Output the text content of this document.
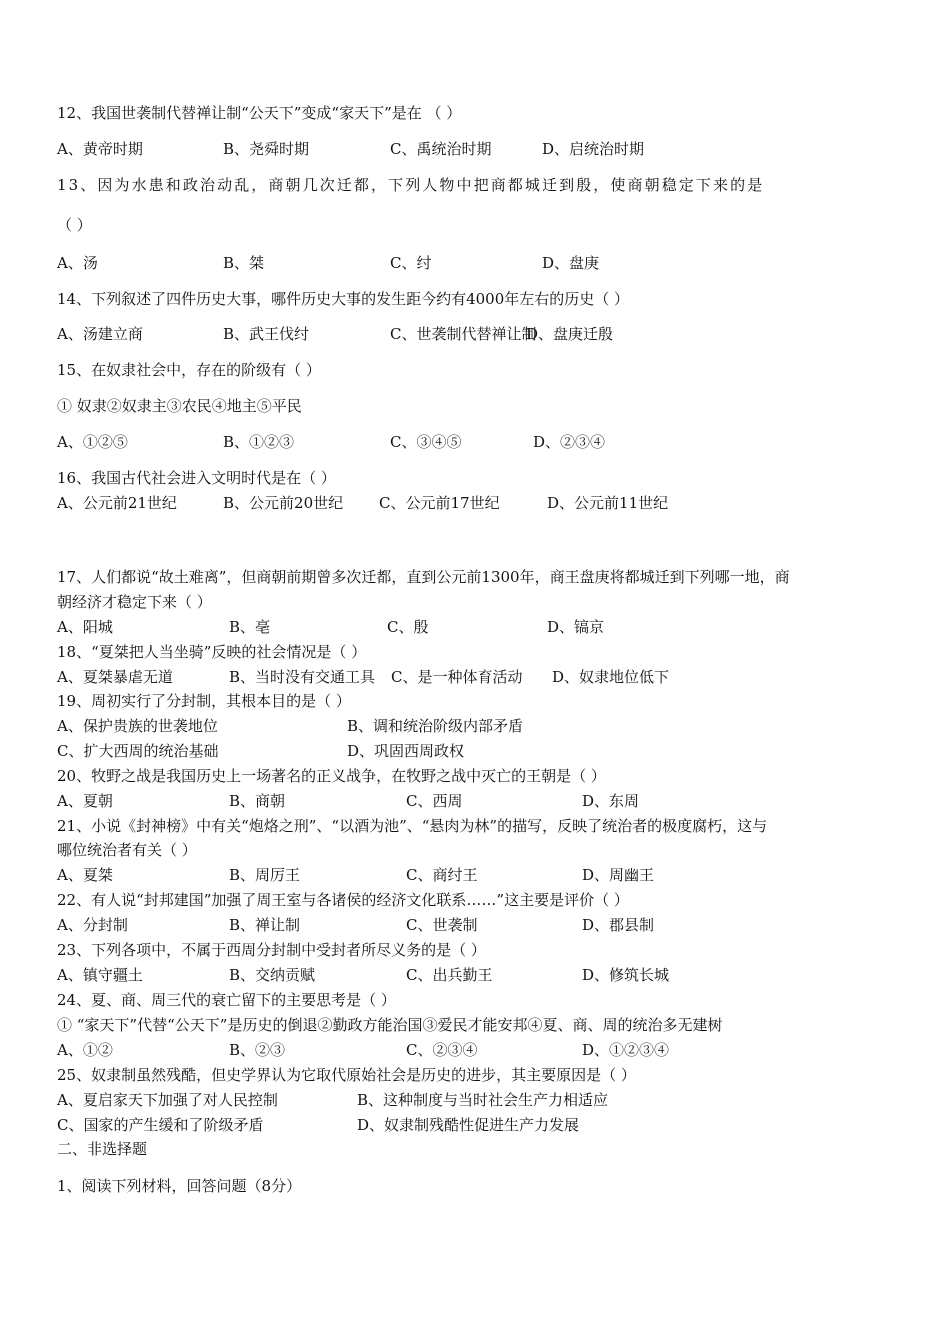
12、我国世袭制代替禅让制“公天下”变成“家天下”是在 （ ）

A、黄帝时期	B、尧舜时期	C、禹统治时期	D、启统治时期

13、因为水患和政治动乱，商朝几次迁都，下列人物中把商都城迁到殷，使商朝稳定下来的是

（ ）

A、汤	B、桀	C、纣	D、盘庚

14、下列叙述了四件历史大事，哪件历史大事的发生距今约有4000年左右的历史（ ）

A、汤建立商	B、武王伐纣	C、世袭制代替禅让制
D、盘庚迁殷

15、在奴隶社会中，存在的阶级有（ ）

① 奴隶②奴隶主③农民④地主⑤平民

A、①②⑤	B、①②③	C、③④⑤	D、②③④

16、我国古代社会进入文明时代是在（ ）

A、公元前21世纪	B、公元前20世纪	C、公元前17世纪	D、公元前11世纪

17、人们都说“故土难离”，但商朝前期曾多次迁都，直到公元前1300年，商王盘庚将都城迁到下列哪一地，商

朝经济才稳定下来（ ）

A、阳城	B、亳	C、殷	D、镐京

18、“夏桀把人当坐骑”反映的社会情况是（ ）

A、夏桀暴虐无道	B、当时没有交通工具	C、是一种体育活动	D、奴隶地位低下

19、周初实行了分封制，其根本目的是（ ）

A、保护贵族的世袭地位	B、调和统治阶级内部矛盾
C、扩大西周的统治基础	D、巩固西周政权

20、牧野之战是我国历史上一场著名的正义战争，在牧野之战中灭亡的王朝是（ ）

A、夏朝	B、商朝	C、西周	D、东周

21、小说《封神榜》中有关“炮烙之刑”、“以酒为池”、“悬肉为林”的描写，反映了统治者的极度腐朽，这与

哪位统治者有关（ ）

A、夏桀	B、周厉王	C、商纣王	D、周幽王

22、有人说“封邦建国”加强了周王室与各诸侯的经济文化联系……”这主要是评价（ ）

A、分封制	B、禅让制	C、世袭制	D、郡县制

23、下列各项中，不属于西周分封制中受封者所尽义务的是（ ）

A、镇守疆土	B、交纳贡赋	C、出兵勤王	D、修筑长城

24、夏、商、周三代的衰亡留下的主要思考是（ ）

① “家天下”代替“公天下”是历史的倒退②勤政方能治国③爱民才能安邦④夏、商、周的统治多无建树

A、①②	B、②③	C、②③④	D、①②③④

25、奴隶制虽然残酷，但史学界认为它取代原始社会是历史的进步，其主要原因是（ ）

A、夏启家天下加强了对人民控制	B、这种制度与当时社会生产力相适应
C、国家的产生缓和了阶级矛盾	D、奴隶制残酷性促进生产力发展

二、非选择题

1、阅读下列材料，回答问题（8分）
